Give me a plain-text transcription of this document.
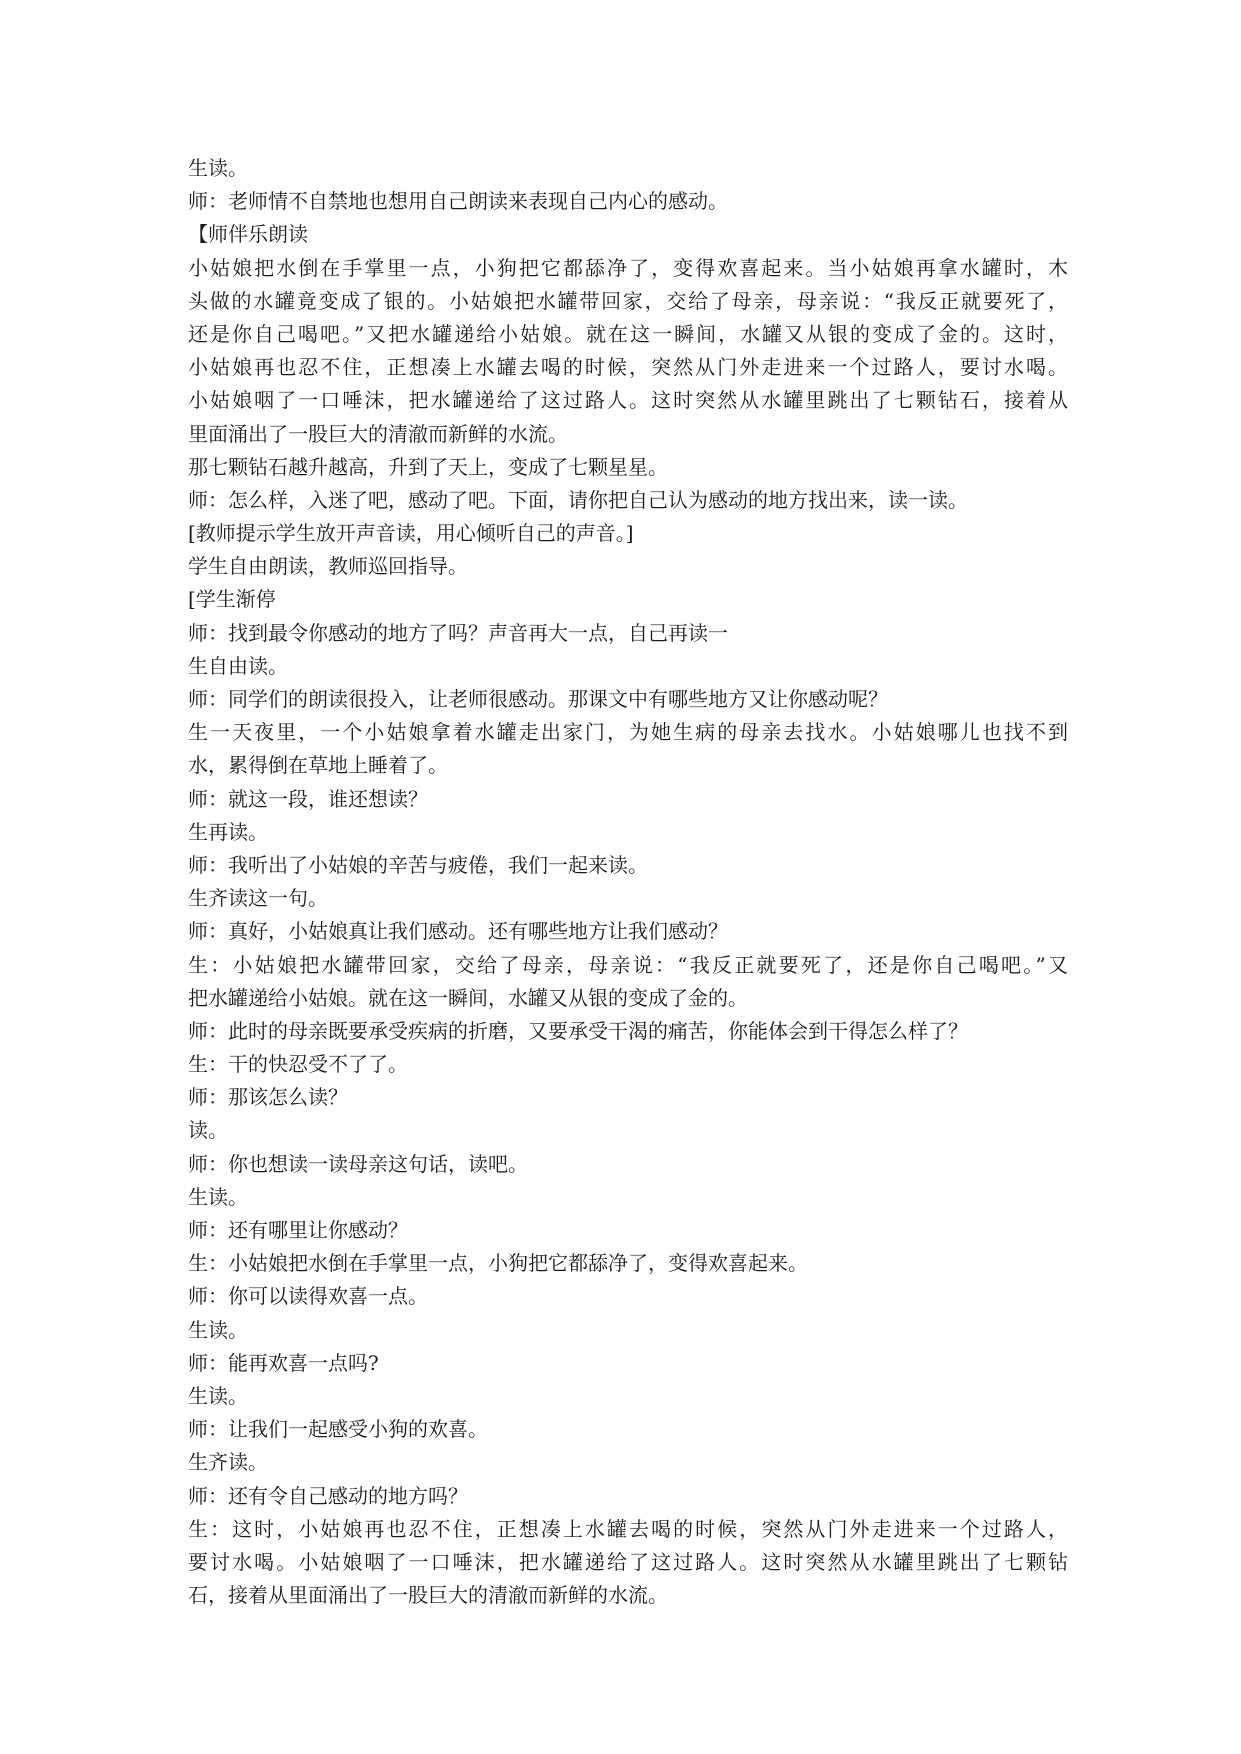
生读。

师：老师情不自禁地也想用自己朗读来表现自己内心的感动。

【师伴乐朗读

小姑娘把水倒在手掌里一点，小狗把它都舔净了，变得欢喜起来。当小姑娘再拿水罐时，木

头做的水罐竟变成了银的。小姑娘把水罐带回家，交给了母亲，母亲说：“我反正就要死了，

还是你自己喝吧。”又把水罐递给小姑娘。就在这一瞬间，水罐又从银的变成了金的。这时，

小姑娘再也忍不住，正想凑上水罐去喝的时候，突然从门外走进来一个过路人，要讨水喝。

小姑娘咽了一口唾沫，把水罐递给了这过路人。这时突然从水罐里跳出了七颗钻石，接着从

里面涌出了一股巨大的清澈而新鲜的水流。

那七颗钻石越升越高，升到了天上，变成了七颗星星。

师：怎么样，入迷了吧，感动了吧。下面，请你把自己认为感动的地方找出来，读一读。

[教师提示学生放开声音读，用心倾听自己的声音。]

学生自由朗读，教师巡回指导。

[学生渐停

师：找到最令你感动的地方了吗？声音再大一点，自己再读一

生自由读。

师：同学们的朗读很投入，让老师很感动。那课文中有哪些地方又让你感动呢？

生一天夜里，一个小姑娘拿着水罐走出家门，为她生病的母亲去找水。小姑娘哪儿也找不到

水，累得倒在草地上睡着了。

师：就这一段，谁还想读？

生再读。

师：我听出了小姑娘的辛苦与疲倦，我们一起来读。

生齐读这一句。

师：真好，小姑娘真让我们感动。还有哪些地方让我们感动？

生：小姑娘把水罐带回家，交给了母亲，母亲说：“我反正就要死了，还是你自己喝吧。”又

把水罐递给小姑娘。就在这一瞬间，水罐又从银的变成了金的。

师：此时的母亲既要承受疾病的折磨，又要承受干渴的痛苦，你能体会到干得怎么样了？

生：干的快忍受不了了。

师：那该怎么读？

读。

师：你也想读一读母亲这句话，读吧。

生读。

师：还有哪里让你感动？

生：小姑娘把水倒在手掌里一点，小狗把它都舔净了，变得欢喜起来。

师：你可以读得欢喜一点。

生读。

师：能再欢喜一点吗?

生读。

师：让我们一起感受小狗的欢喜。

生齐读。

师：还有令自己感动的地方吗？

生：这时，小姑娘再也忍不住，正想凑上水罐去喝的时候，突然从门外走进来一个过路人，

要讨水喝。小姑娘咽了一口唾沫，把水罐递给了这过路人。这时突然从水罐里跳出了七颗钻

石，接着从里面涌出了一股巨大的清澈而新鲜的水流。
